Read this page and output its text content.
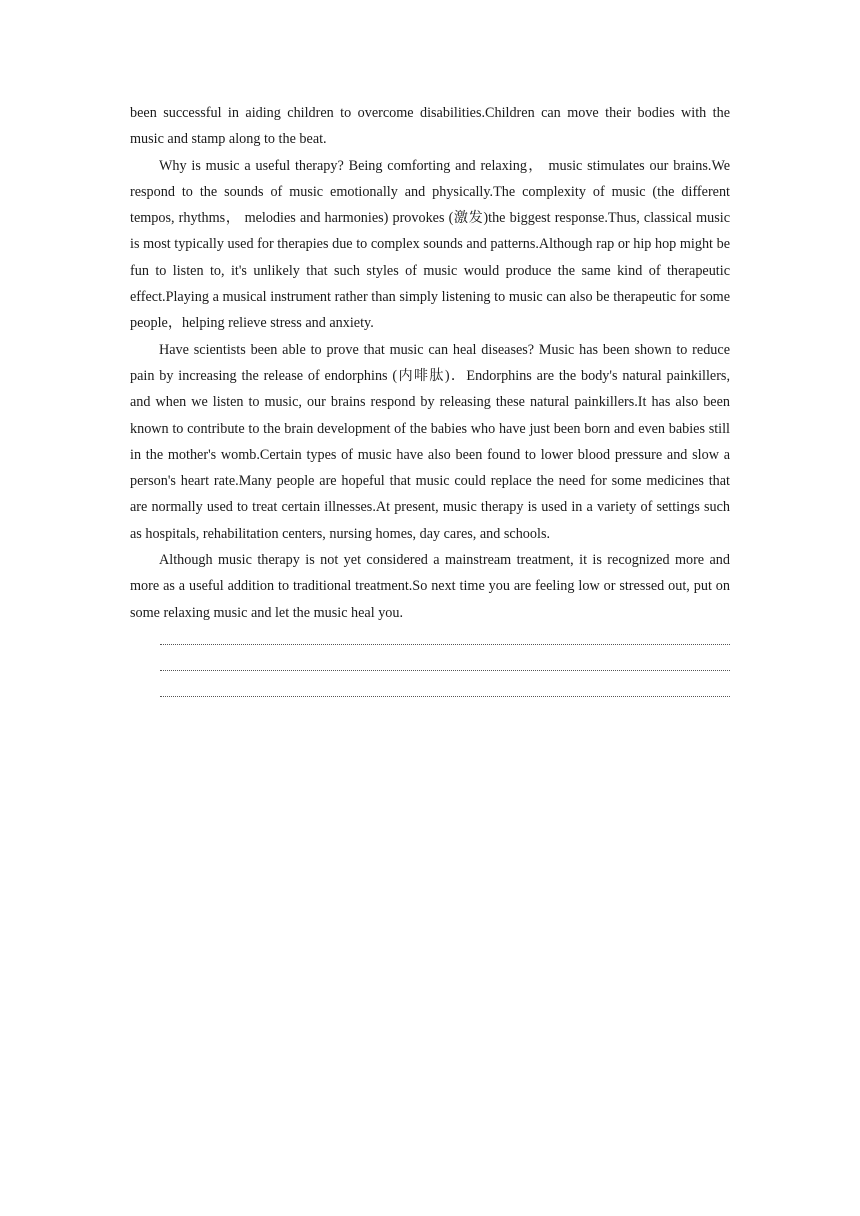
been successful in aiding children to overcome disabilities.Children can move their bodies with the music and stamp along to the beat.

Why is music a useful therapy? Being comforting and relaxing， music stimulates our brains.We respond to the sounds of music emotionally and physically.The complexity of music (the different tempos, rhythms， melodies and harmonies) provokes (激发)the biggest response.Thus, classical music is most typically used for therapies due to complex sounds and patterns.Although rap or hip hop might be fun to listen to, it's unlikely that such styles of music would produce the same kind of therapeutic effect.Playing a musical instrument rather than simply listening to music can also be therapeutic for some people，helping relieve stress and anxiety.

Have scientists been able to prove that music can heal diseases? Music has been shown to reduce pain by increasing the release of endorphins (内啡肽)．Endorphins are the body's natural painkillers, and when we listen to music, our brains respond by releasing these natural painkillers.It has also been known to contribute to the brain development of the babies who have just been born and even babies still in the mother's womb.Certain types of music have also been found to lower blood pressure and slow a person's heart rate.Many people are hopeful that music could replace the need for some medicines that are normally used to treat certain illnesses.At present, music therapy is used in a variety of settings such as hospitals, rehabilitation centers, nursing homes, day cares, and schools.

Although music therapy is not yet considered a mainstream treatment, it is recognized more and more as a useful addition to traditional treatment.So next time you are feeling low or stressed out, put on some relaxing music and let the music heal you.
